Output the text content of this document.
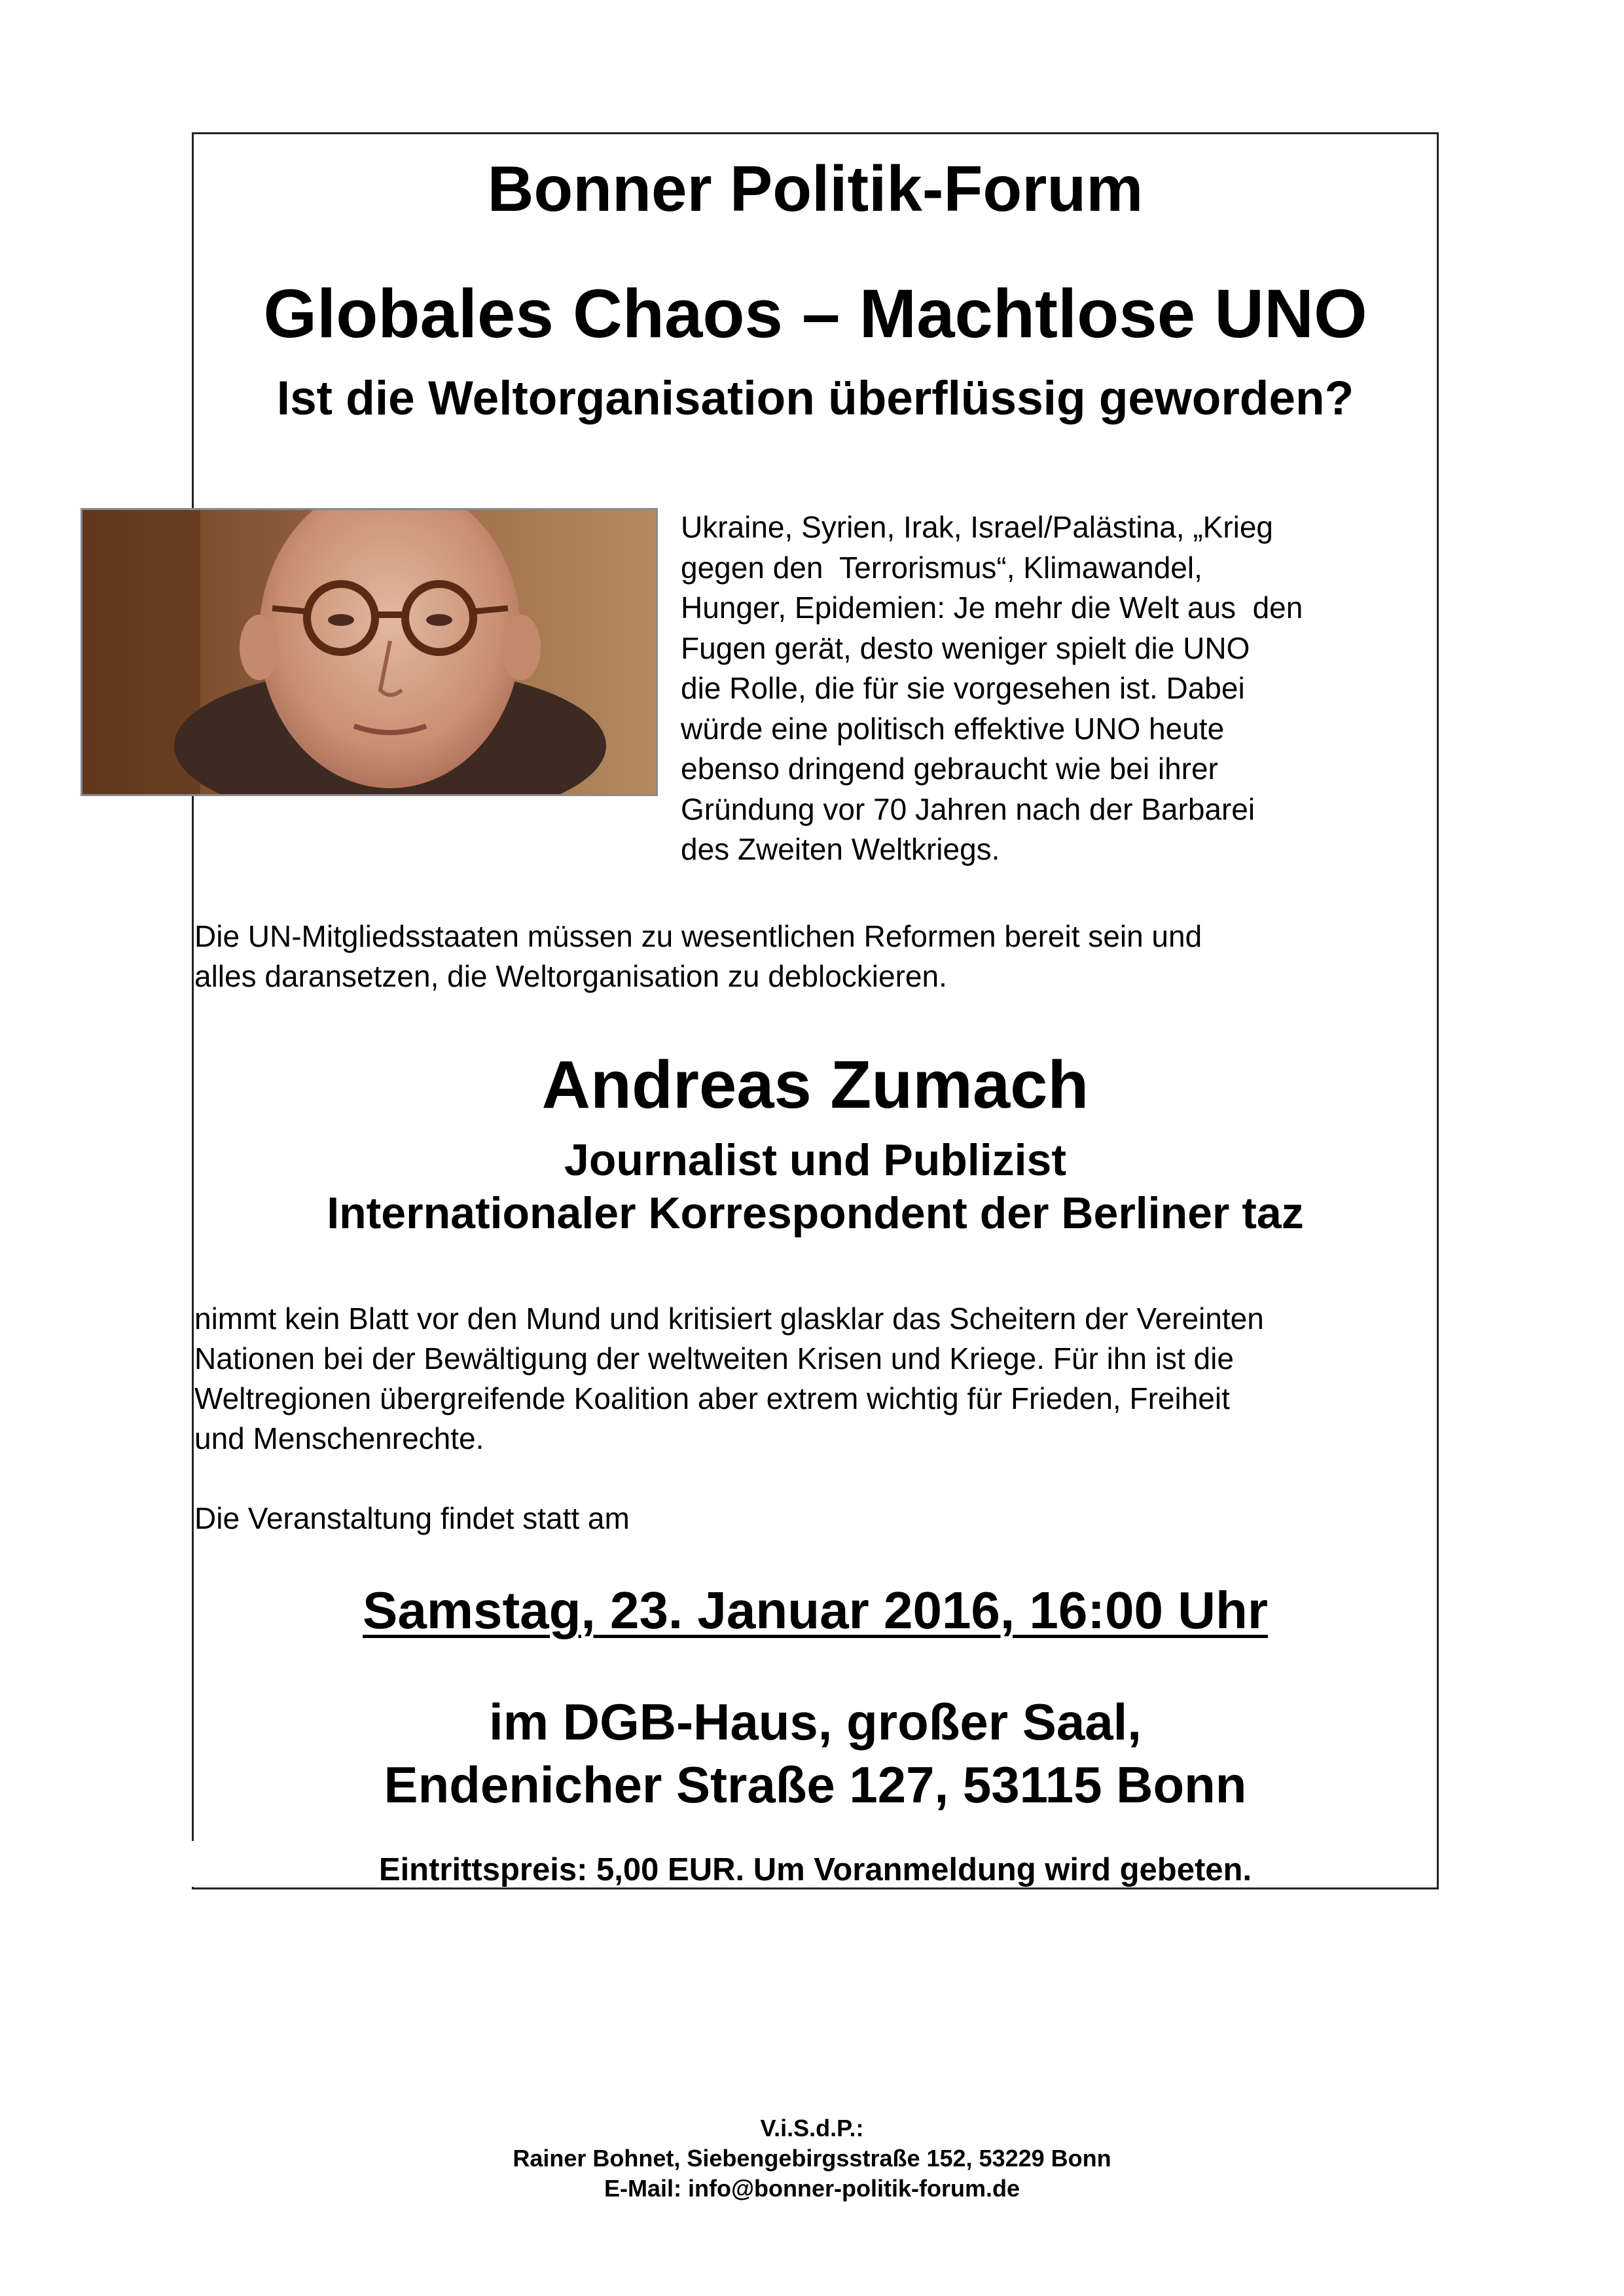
Bonner Politik-Forum
Globales Chaos – Machtlose UNO
Ist die Weltorganisation überflüssig geworden?
Ukraine, Syrien, Irak, Israel/Palästina, „Krieg
gegen den  Terrorismus“, Klimawandel,
Hunger, Epidemien: Je mehr die Welt aus  den
Fugen gerät, desto weniger spielt die UNO
die Rolle, die für sie vorgesehen ist. Dabei
würde eine politisch effektive UNO heute
ebenso dringend gebraucht wie bei ihrer
Gründung vor 70 Jahren nach der Barbarei
des Zweiten Weltkriegs.
Die UN-Mitgliedsstaaten müssen zu wesentlichen Reformen bereit sein und
alles daransetzen, die Weltorganisation zu deblockieren.
Andreas Zumach
Journalist und Publizist
Internationaler Korrespondent der Berliner taz
nimmt kein Blatt vor den Mund und kritisiert glasklar das Scheitern der Vereinten
Nationen bei der Bewältigung der weltweiten Krisen und Kriege. Für ihn ist die
Weltregionen übergreifende Koalition aber extrem wichtig für Frieden, Freiheit
und Menschenrechte.
Die Veranstaltung findet statt am
Samstag, 23. Januar 2016, 16:00 Uhr
im DGB-Haus, großer Saal,
Endenicher Straße 127, 53115 Bonn
Eintrittspreis: 5,00 EUR. Um Voranmeldung wird gebeten.
V.i.S.d.P.:
Rainer Bohnet, Siebengebirgsstraße 152, 53229 Bonn
E-Mail: info@bonner-politik-forum.de
